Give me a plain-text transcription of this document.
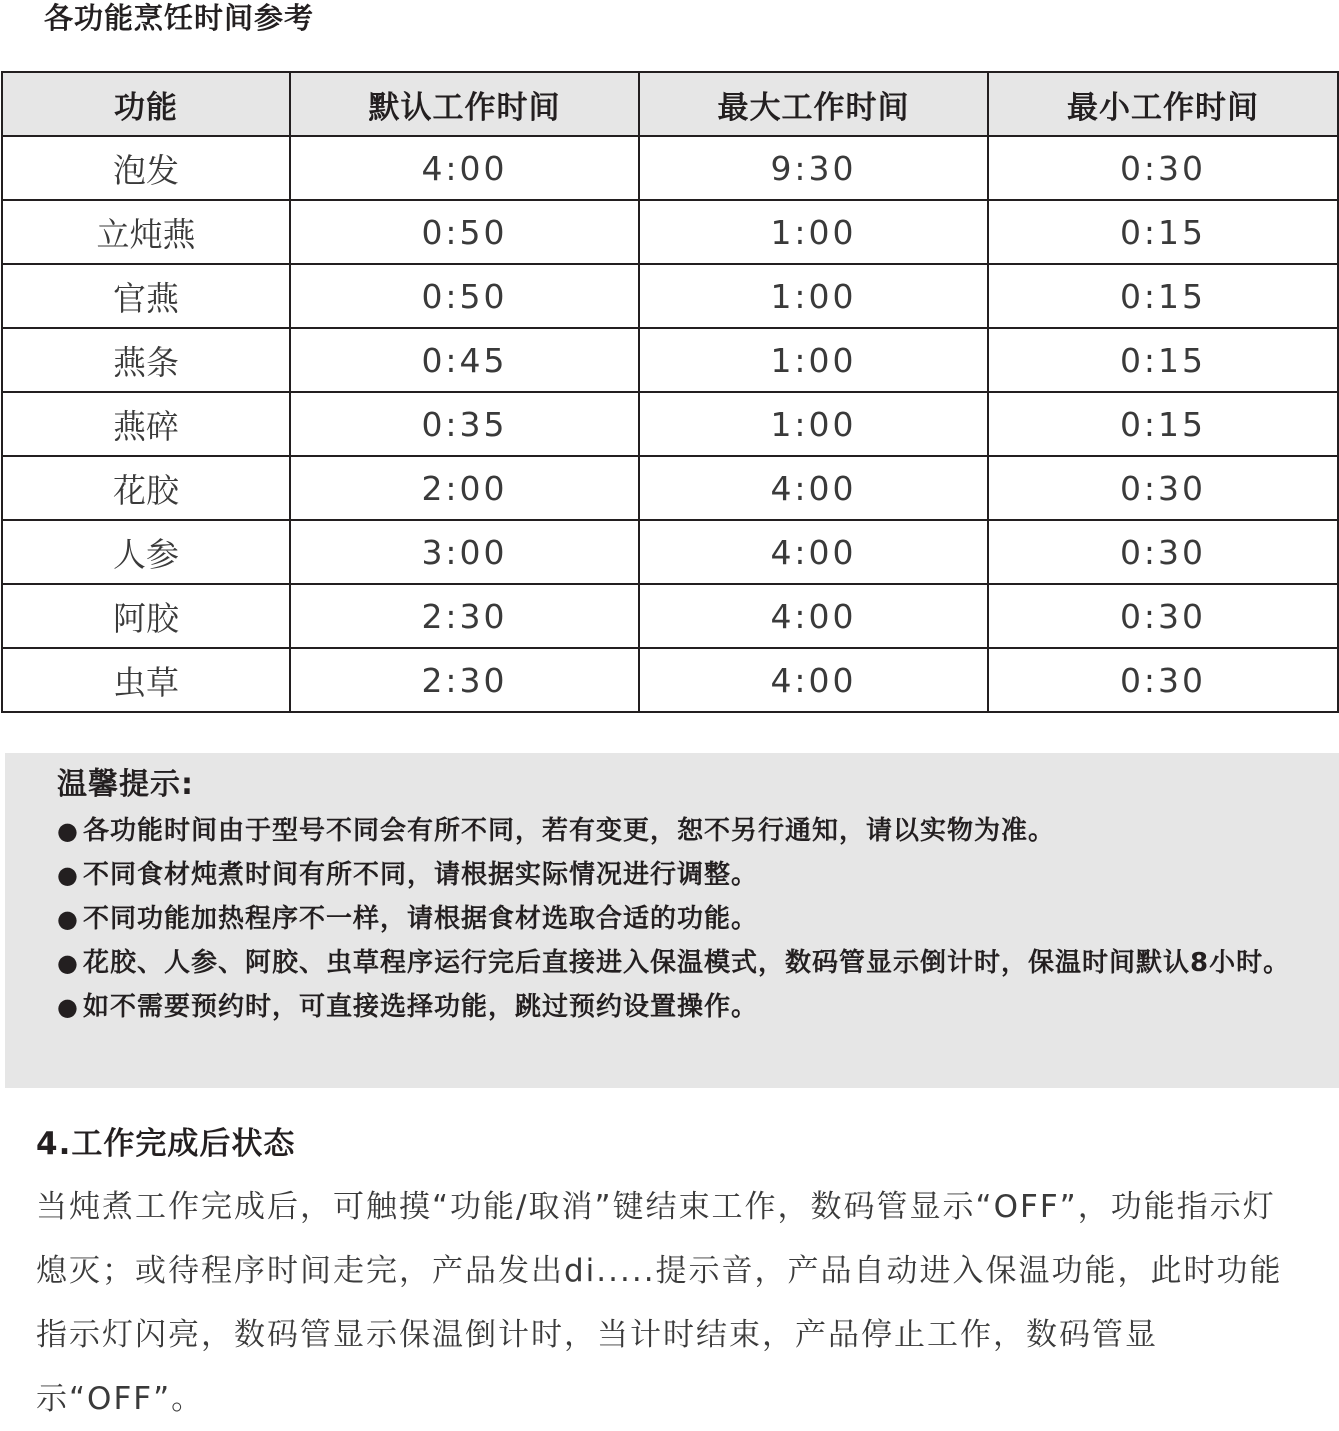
各功能烹饪时间参考
功能	默认工作时间	最大工作时间	最小工作时间
泡发	4:00	9:30	0:30
立炖燕	0:50	1:00	0:15
官燕	0:50	1:00	0:15
燕条	0:45	1:00	0:15
燕碎	0:35	1:00	0:15
花胶	2:00	4:00	0:30
人参	3:00	4:00	0:30
阿胶	2:30	4:00	0:30
虫草	2:30	4:00	0:30
温馨提示:
● 各功能时间由于型号不同会有所不同，若有变更，恕不另行通知，请以实物为准。
● 不同食材炖煮时间有所不同，请根据实际情况进行调整。
● 不同功能加热程序不一样，请根据食材选取合适的功能。
● 花胶、人参、阿胶、虫草程序运行完后直接进入保温模式，数码管显示倒计时，保温时间默认8小时。
● 如不需要预约时，可直接选择功能，跳过预约设置操作。
4.工作完成后状态

当炖煮工作完成后，可触摸“功能/取消”键结束工作，数码管显示“OFF”，功能指示灯熄灭；或待程序时间走完，产品发出di.....提示音，产品自动进入保温功能，此时功能指示灯闪亮，数码管显示保温倒计时，当计时结束，产品停止工作，数码管显示“OFF”。
